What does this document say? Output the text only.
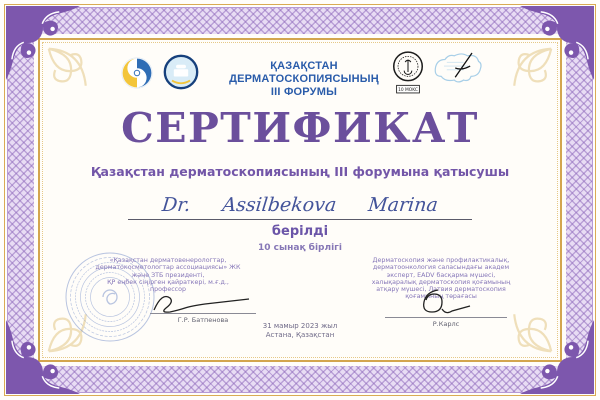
ҚАЗАҚСТАН ДЕРМАТОСКОПИЯСЫНЫҢ
III ФОРУМЫ	10 MOKC
СЕРТИФИКАТ
Қазақстан дерматоскопиясының III форумына қатысушы
Dr. Assilbekova Marina
берілді
10 сынақ бірлігі
«Қазақстан дерматовенерологтар,
дерматокосметологтар ассоциациясы» ЖК
және ЗТБ президенті,
ҚР еңбек сіңірген қайраткері, м.ғ.д.,
профессор
Г.Р. Батпенова
Дерматоскопия және профилактикалық,
дерматоонкология саласындағы академ
эксперт, EADV басқарма мүшесі,
халықаралық дерматоскопия қоғамының
атқару мүшесі, Латвия дерматоскопия
қоғамының төрағасы
Р.Карлс
31 мамыр 2023 жыл
Астана, Қазақстан
